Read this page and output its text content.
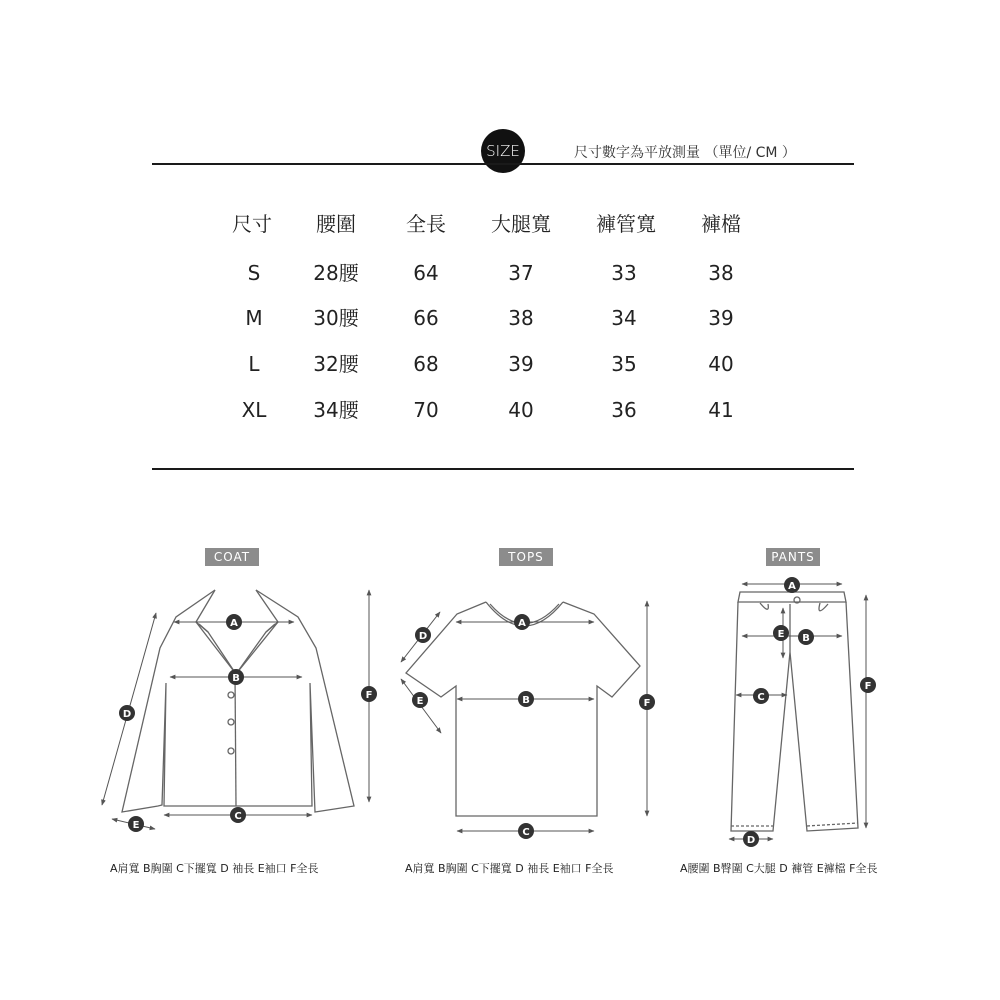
SIZE	尺寸數字為平放測量 （單位/ CM ）
尺寸	腰圍	全長	大腿寬	褲管寬	褲檔
S	28腰	64	37	33	38
M	30腰	66	38	34	39
L	32腰	68	39	35	40
XL	34腰	70	40	36	41
COAT	TOPS	PANTS
A
B
C
D
E
F
A
B
C
D
E	F
A
B
C
D
E
F
A肩寬 B胸圍 C下擺寬 D 袖長 E袖口 F全長	A肩寬 B胸圍 C下擺寬 D 袖長 E袖口 F全長	A腰圍 B臀圍 C大腿 D 褲管 E褲檔 F全長
